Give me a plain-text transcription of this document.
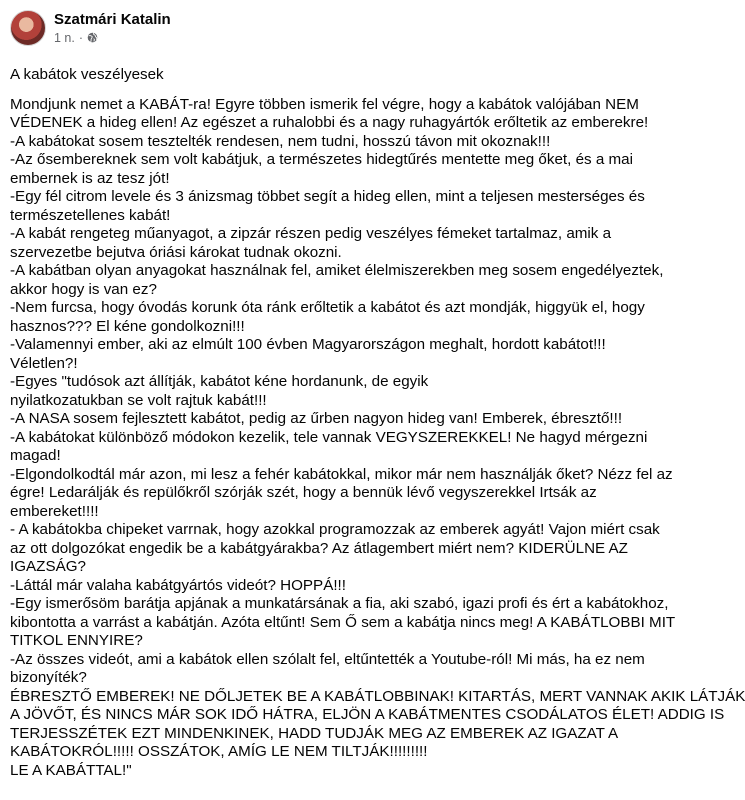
Szatmári Katalin
1 n. ·
A kabátok veszélyesek
Mondjunk nemet a KABÁT-ra! Egyre többen ismerik fel végre, hogy a kabátok valójában NEM
VÉDENEK a hideg ellen! Az egészet a ruhalobbi és a nagy ruhagyártók erőltetik az emberekre!
-A kabátokat sosem tesztelték rendesen, nem tudni, hosszú távon mit okoznak!!!
-Az ősembereknek sem volt kabátjuk, a természetes hidegtűrés mentette meg őket, és a mai
embernek is az tesz jót!
-Egy fél citrom levele és 3 ánizsmag többet segít a hideg ellen, mint a teljesen mesterséges és
természetellenes kabát!
-A kabát rengeteg műanyagot, a zipzár részen pedig veszélyes fémeket tartalmaz, amik a
szervezetbe bejutva óriási károkat tudnak okozni.
-A kabátban olyan anyagokat használnak fel, amiket élelmiszerekben meg sosem engedélyeztek,
akkor hogy is van ez?
-Nem furcsa, hogy óvodás korunk óta ránk erőltetik a kabátot és azt mondják, higgyük el, hogy
hasznos??? El kéne gondolkozni!!!
-Valamennyi ember, aki az elmúlt 100 évben Magyarországon meghalt, hordott kabátot!!!
Véletlen?!
-Egyes "tudósok azt állítják, kabátot kéne hordanunk, de egyik
nyilatkozatukban se volt rajtuk kabát!!!
-A NASA sosem fejlesztett kabátot, pedig az űrben nagyon hideg van! Emberek, ébresztő!!!
-A kabátokat különböző módokon kezelik, tele vannak VEGYSZEREKKEL! Ne hagyd mérgezni
magad!
-Elgondolkodtál már azon, mi lesz a fehér kabátokkal, mikor már nem használják őket? Nézz fel az
égre! Ledarálják és repülőkről szórják szét, hogy a bennük lévő vegyszerekkel Irtsák az
embereket!!!!
- A kabátokba chipeket varrnak, hogy azokkal programozzak az emberek agyát! Vajon miért csak
az ott dolgozókat engedik be a kabátgyárakba? Az átlagembert miért nem? KIDERÜLNE AZ
IGAZSÁG?
-Láttál már valaha kabátgyártós videót? HOPPÁ!!!
-Egy ismerősöm barátja apjának a munkatársának a fia, aki szabó, igazi profi és ért a kabátokhoz,
kibontotta a varrást a kabátján. Azóta eltűnt! Sem Ő sem a kabátja nincs meg! A KABÁTLOBBI MIT
TITKOL ENNYIRE?
-Az összes videót, ami a kabátok ellen szólalt fel, eltűntették a Youtube-ról! Mi más, ha ez nem
bizonyíték?
ÉBRESZTŐ EMBEREK! NE DŐLJETEK BE A KABÁTLOBBINAK! KITARTÁS, MERT VANNAK AKIK LÁTJÁK
A JÖVŐT, ÉS NINCS MÁR SOK IDŐ HÁTRA, ELJÖN A KABÁTMENTES CSODÁLATOS ÉLET! ADDIG IS
TERJESSZÉTEK EZT MINDENKINEK, HADD TUDJÁK MEG AZ EMBEREK AZ IGAZAT A
KABÁTOKRÓL!!!!! OSSZÁTOK, AMÍG LE NEM TILTJÁK!!!!!!!!!
LE A KABÁTTAL!"
